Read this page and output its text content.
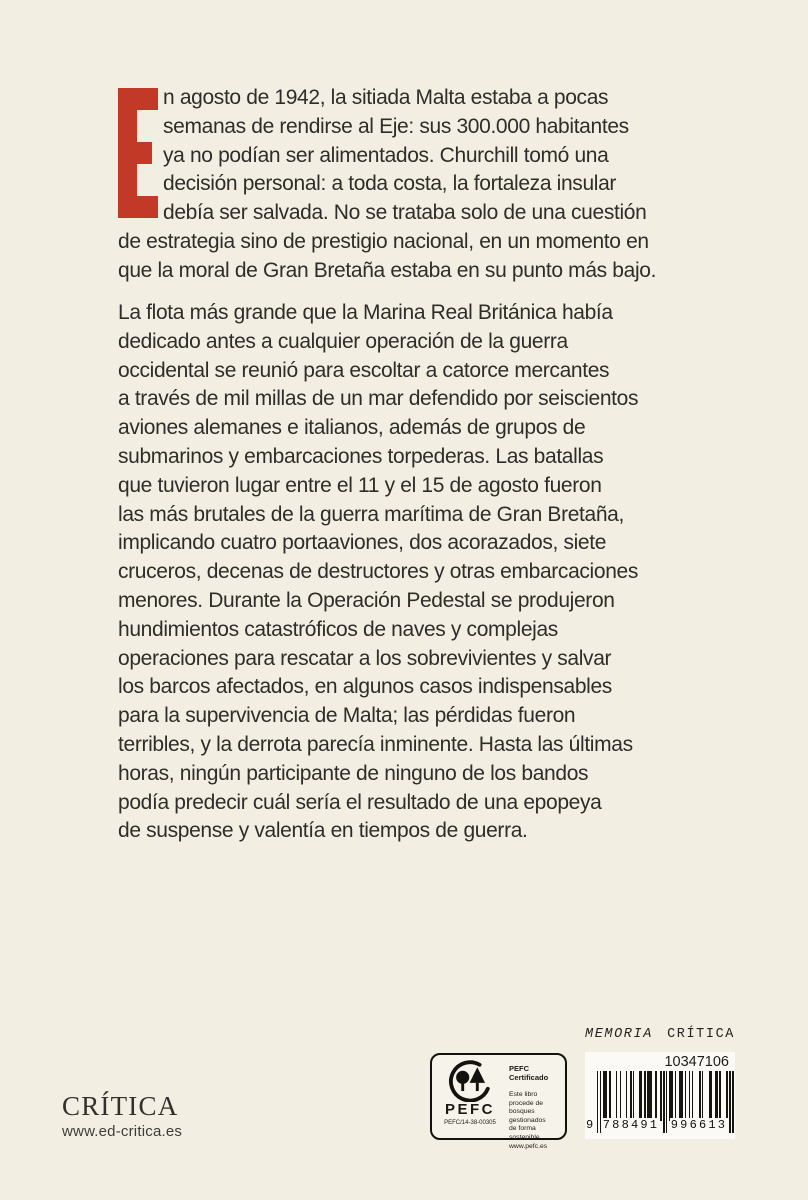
n agosto de 1942, la sitiada Malta estaba a pocas
semanas de rendirse al Eje: sus 300.000 habitantes
ya no podían ser alimentados. Churchill tomó una
decisión personal: a toda costa, la fortaleza insular
debía ser salvada. No se trataba solo de una cuestión
de estrategia sino de prestigio nacional, en un momento en
que la moral de Gran Bretaña estaba en su punto más bajo.
La flota más grande que la Marina Real Británica había
dedicado antes a cualquier operación de la guerra
occidental se reunió para escoltar a catorce mercantes
a través de mil millas de un mar defendido por seiscientos
aviones alemanes e italianos, además de grupos de
submarinos y embarcaciones torpederas. Las batallas
que tuvieron lugar entre el 11 y el 15 de agosto fueron
las más brutales de la guerra marítima de Gran Bretaña,
implicando cuatro portaaviones, dos acorazados, siete
cruceros, decenas de destructores y otras embarcaciones
menores. Durante la Operación Pedestal se produjeron
hundimientos catastróficos de naves y complejas
operaciones para rescatar a los sobrevivientes y salvar
los barcos afectados, en algunos casos indispensables
para la supervivencia de Malta; las pérdidas fueron
terribles, y la derrota parecía inminente. Hasta las últimas
horas, ningún participante de ninguno de los bandos
podía predecir cuál sería el resultado de una epopeya
de suspense y valentía en tiempos de guerra.
CRÍTICA
www.ed-critica.es
PEFC
PEFC/14-38-00305
PEFC Certificado
Este libro procede de
bosques gestionados
de forma sostenible
www.pefc.es
MEMORIA CRÍTICA
10347106
9 788491 996613
